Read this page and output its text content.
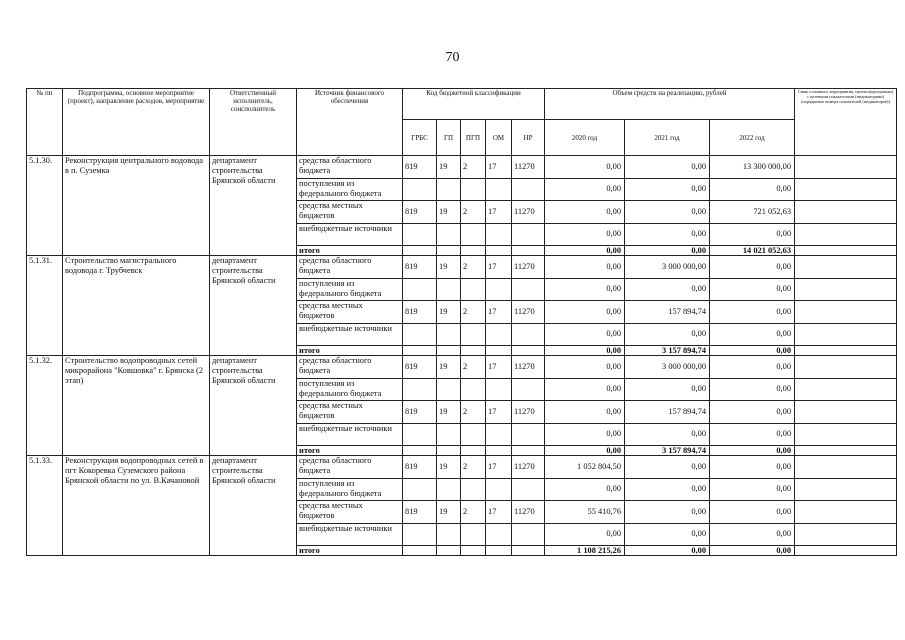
70
№ пп	Подпрограмма, основное мероприятие (проект), направление расходов, мероприятие	Ответственный исполнитель, соисполнитель	Источник финансового обеспечения	Код бюджетной классификации					Объем средств на реализацию, рублей			Связь основного мероприятия, проекта(программы) с целевыми показателями (индикаторами) (порядковые номера показателей (индикаторов))
				ГРБС	ГП	ПГП	ОМ	НР	2020 год	2021 год	2022 год	
5.1.30.	Реконструкция центрального водовода в п. Суземка	департамент строительства Брянской области	средства областного бюджета	819	19	2	17	11270	0,00	0,00	13 300 000,00	
			поступления из федерального бюджета						0,00	0,00	0,00	
			средства местных бюджетов	819	19	2	17	11270	0,00	0,00	721 052,63	
			внебюджетные источники						0,00	0,00	0,00	
			итого						0,00	0,00	14 021 052,63	
5.1.31.	Строительство магистрального водовода г. Трубчевск	департамент строительства Брянской области	средства областного бюджета	819	19	2	17	11270	0,00	3 000 000,00	0,00	
			поступления из федерального бюджета						0,00	0,00	0,00	
			средства местных бюджетов	819	19	2	17	11270	0,00	157 894,74	0,00	
			внебюджетные источники						0,00	0,00	0,00	
			итого						0,00	3 157 894,74	0,00	
5.1.32.	Строительство водопроводных сетей микрорайона "Ковшовка" г. Брянска (2 этап)	департамент строительства Брянской области	средства областного бюджета	819	19	2	17	11270	0,00	3 000 000,00	0,00	
			поступления из федерального бюджета						0,00	0,00	0,00	
			средства местных бюджетов	819	19	2	17	11270	0,00	157 894,74	0,00	
			внебюджетные источники						0,00	0,00	0,00	
			итого						0,00	3 157 894,74	0,00	
5.1.33.	Реконструкция водопроводных сетей в пгт Кокоревка Суземского района Брянской области по ул. В.Качановой	департамент строительства Брянской области	средства областного бюджета	819	19	2	17	11270	1 052 804,50	0,00	0,00	
			поступления из федерального бюджета						0,00	0,00	0,00	
			средства местных бюджетов	819	19	2	17	11270	55 410,76	0,00	0,00	
			внебюджетные источники						0,00	0,00	0,00	
			итого						1 108 215,26	0,00	0,00	
